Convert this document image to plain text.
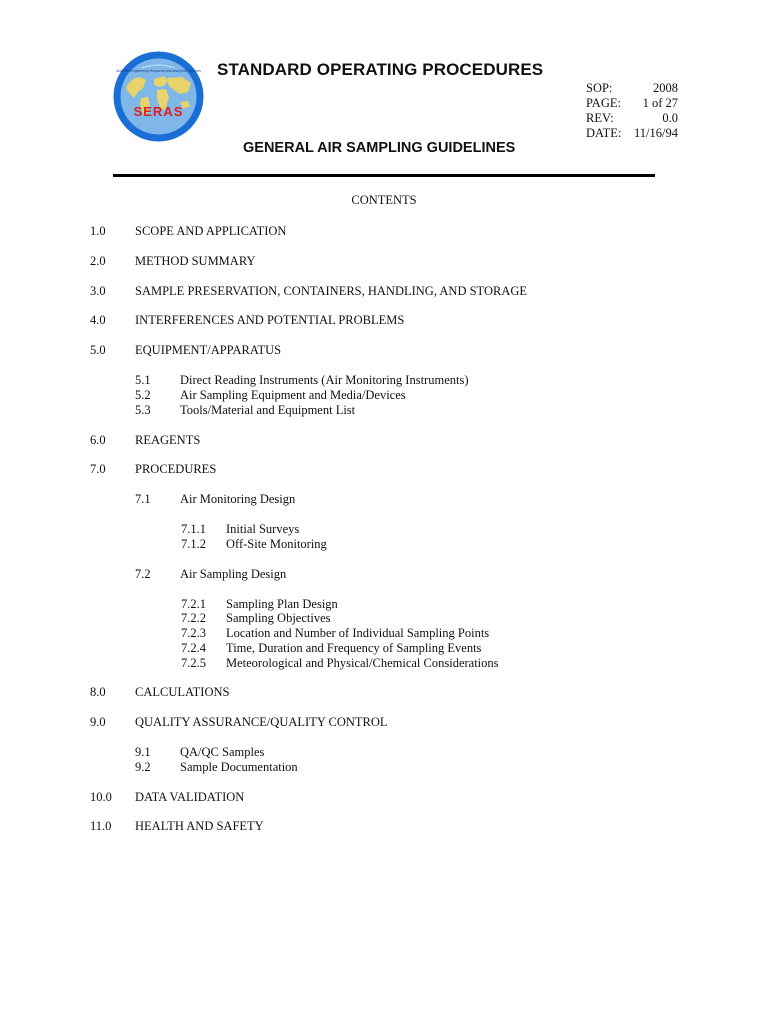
SERAS
Scientific Engineering Response and Analytical Services STANDARD OPERATING PROCEDURES
SOP:	2008
PAGE: 1 of 27
REV:	0.0
DATE: 11/16/94
GENERAL AIR SAMPLING GUIDELINES
CONTENTS
1.0 SCOPE AND APPLICATION
2.0 METHOD SUMMARY
3.0 SAMPLE PRESERVATION, CONTAINERS, HANDLING, AND STORAGE
4.0 INTERFERENCES AND POTENTIAL PROBLEMS
5.0 EQUIPMENT/APPARATUS
5.1 Direct Reading Instruments (Air Monitoring Instruments)
5.2 Air Sampling Equipment and Media/Devices
5.3 Tools/Material and Equipment List
6.0 REAGENTS
7.0 PROCEDURES
7.1 Air Monitoring Design
7.1.1 Initial Surveys
7.1.2 Off-Site Monitoring
7.2 Air Sampling Design
7.2.1 Sampling Plan Design
7.2.2 Sampling Objectives
7.2.3 Location and Number of Individual Sampling Points
7.2.4 Time, Duration and Frequency of Sampling Events
7.2.5 Meteorological and Physical/Chemical Considerations
8.0 CALCULATIONS
9.0 QUALITY ASSURANCE/QUALITY CONTROL
9.1 QA/QC Samples
9.2 Sample Documentation
10.0 DATA VALIDATION
11.0 HEALTH AND SAFETY
